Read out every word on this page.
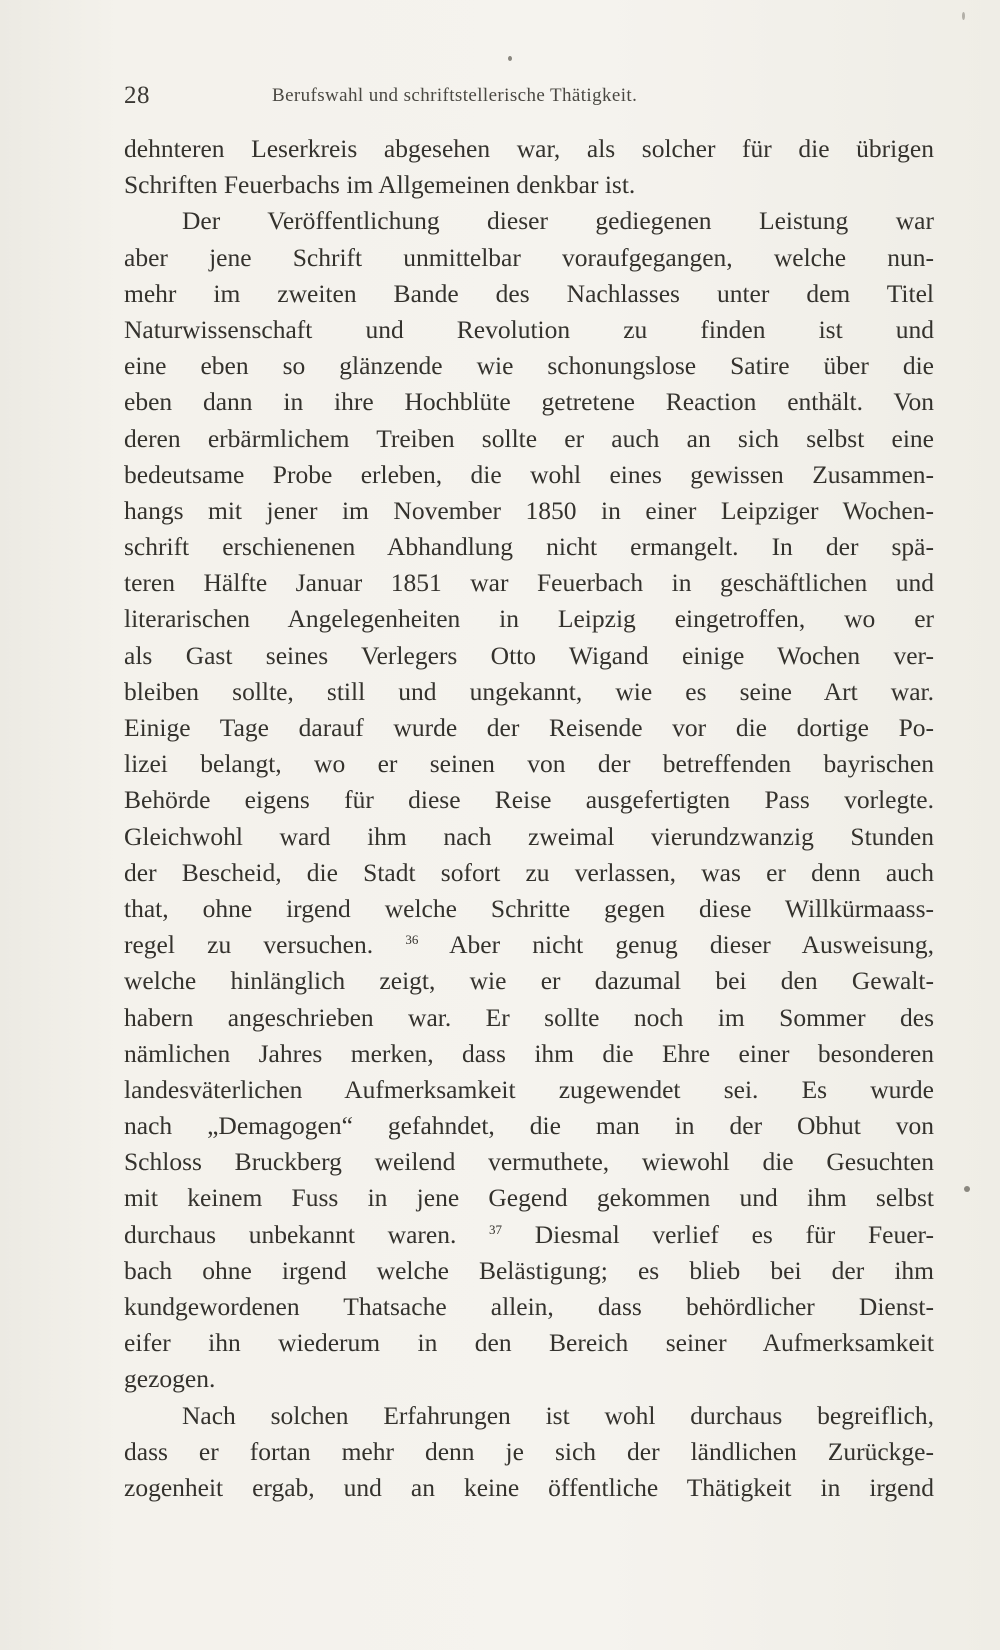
28	Berufswahl und schriftstellerische Thätigkeit.
dehnteren Leserkreis abgesehen war, als solcher für die übrigen
Schriften Feuerbachs im Allgemeinen denkbar ist.
Der Veröffentlichung dieser gediegenen Leistung war
aber jene Schrift unmittelbar voraufgegangen, welche nun-
mehr im zweiten Bande des Nachlasses unter dem Titel
Naturwissenschaft und Revolution zu finden ist und
eine eben so glänzende wie schonungslose Satire über die
eben dann in ihre Hochblüte getretene Reaction enthält. Von
deren erbärmlichem Treiben sollte er auch an sich selbst eine
bedeutsame Probe erleben, die wohl eines gewissen Zusammen-
hangs mit jener im November 1850 in einer Leipziger Wochen-
schrift erschienenen Abhandlung nicht ermangelt. In der spä-
teren Hälfte Januar 1851 war Feuerbach in geschäftlichen und
literarischen Angelegenheiten in Leipzig eingetroffen, wo er
als Gast seines Verlegers Otto Wigand einige Wochen ver-
bleiben sollte, still und ungekannt, wie es seine Art war.
Einige Tage darauf wurde der Reisende vor die dortige Po-
lizei belangt, wo er seinen von der betreffenden bayrischen
Behörde eigens für diese Reise ausgefertigten Pass vorlegte.
Gleichwohl ward ihm nach zweimal vierundzwanzig Stunden
der Bescheid, die Stadt sofort zu verlassen, was er denn auch
that, ohne irgend welche Schritte gegen diese Willkürmaass-
regel zu versuchen. $^{36}$ Aber nicht genug dieser Ausweisung,
welche hinlänglich zeigt, wie er dazumal bei den Gewalt-
habern angeschrieben war. Er sollte noch im Sommer des
nämlichen Jahres merken, dass ihm die Ehre einer besonderen
landesväterlichen Aufmerksamkeit zugewendet sei. Es wurde
nach „Demagogen“ gefahndet, die man in der Obhut von
Schloss Bruckberg weilend vermuthete, wiewohl die Gesuchten
mit keinem Fuss in jene Gegend gekommen und ihm selbst
durchaus unbekannt waren.	$^{37}$ Diesmal verlief es für Feuer-
bach ohne irgend welche Belästigung; es blieb bei der ihm
kundgewordenen Thatsache allein, dass behördlicher Dienst-
eifer ihn wiederum in den Bereich seiner Aufmerksamkeit
gezogen.
Nach solchen Erfahrungen ist wohl durchaus begreiflich,
dass er fortan mehr denn je sich der ländlichen Zurückge-
zogenheit ergab, und an keine öffentliche Thätigkeit in irgend
